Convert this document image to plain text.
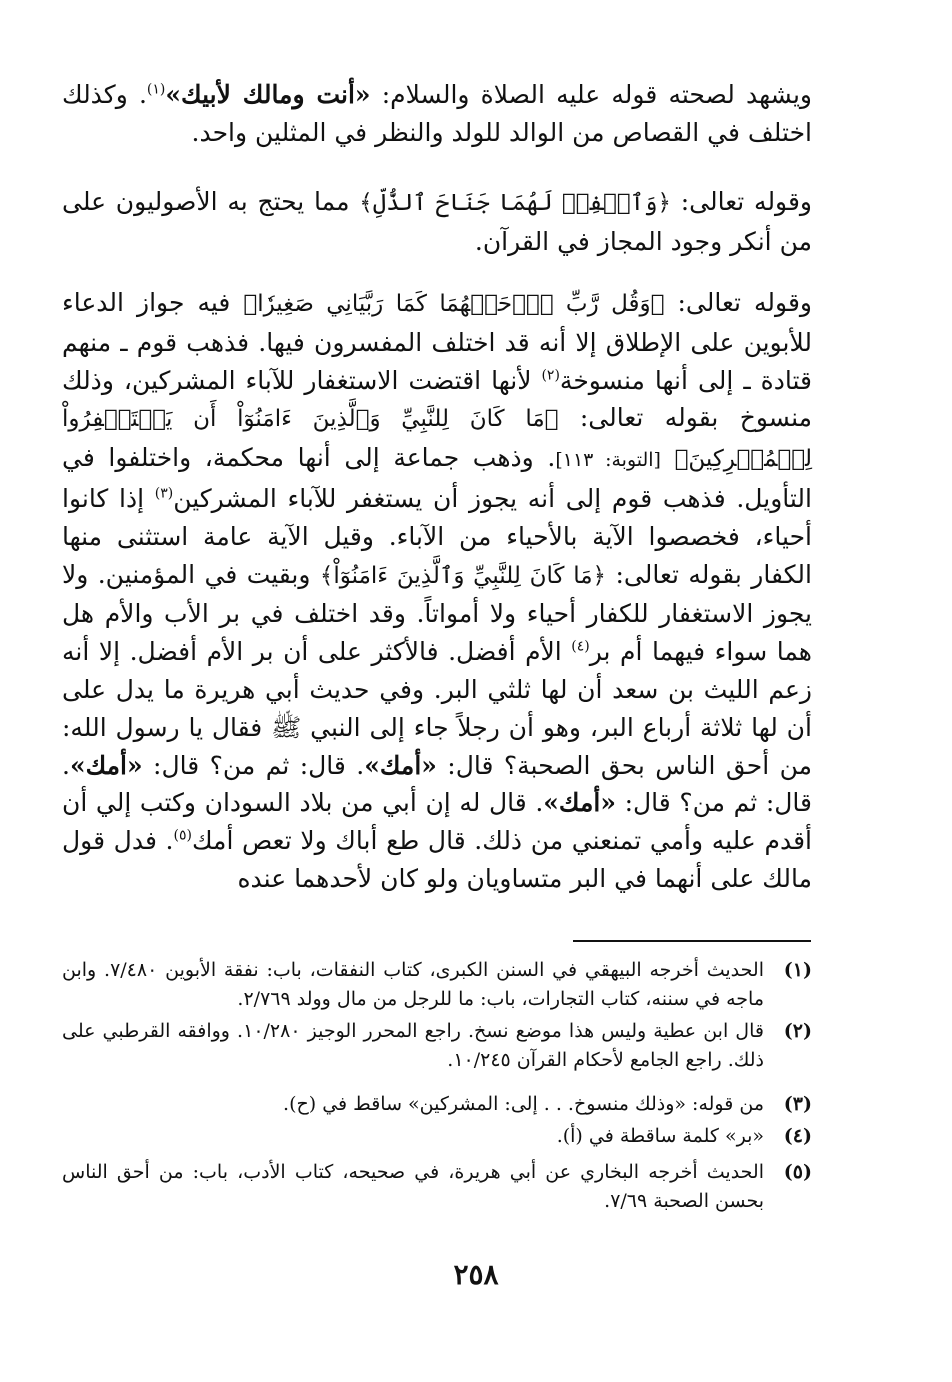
ويشهد لصحته قوله عليه الصلاة والسلام: «أنت ومالك لأبيك»$^{(١)}$. وكذلك اختلف في القصاص من الوالد للولد والنظر في المثلين واحد.

وقوله تعالى: ﴿وَٱخۡفِضۡ لَهُمَا جَنَاحَ ٱلذُّلِّ﴾ مما يحتج به الأصوليون على من أنكر وجود المجاز في القرآن.

وقوله تعالى: ﴿وَقُل رَّبِّ ٱرۡحَمۡهُمَا كَمَا رَبَّيَانِي صَغِيرٗا﴾ فيه جواز الدعاء للأبوين على الإطلاق إلا أنه قد اختلف المفسرون فيها. فذهب قوم ـ منهم قتادة ـ إلى أنها منسوخة$^{(٢)}$ لأنها اقتضت الاستغفار للآباء المشركين، وذلك منسوخ بقوله تعالى: ﴿مَا كَانَ لِلنَّبِيِّ وَٱلَّذِينَ ءَامَنُوٓاْ أَن يَسۡتَغۡفِرُواْ لِلۡمُشۡرِكِينَ﴾ [التوبة: ١١٣]. وذهب جماعة إلى أنها محكمة، واختلفوا في التأويل. فذهب قوم إلى أنه يجوز أن يستغفر للآباء المشركين$^{(٣)}$ إذا كانوا أحياء، فخصصوا الآية بالأحياء من الآباء. وقيل الآية عامة استثنى منها الكفار بقوله تعالى: ﴿مَا كَانَ لِلنَّبِيِّ وَٱلَّذِينَ ءَامَنُوٓاْ﴾ وبقيت في المؤمنين. ولا يجوز الاستغفار للكفار أحياء ولا أمواتاً. وقد اختلف في بر الأب والأم هل هما سواء فيهما أم بر$^{(٤)}$ الأم أفضل. فالأكثر على أن بر الأم أفضل. إلا أنه زعم الليث بن سعد أن لها ثلثي البر. وفي حديث أبي هريرة ما يدل على أن لها ثلاثة أرباع البر، وهو أن رجلاً جاء إلى النبي ﷺ فقال يا رسول الله: من أحق الناس بحق الصحبة؟ قال: «أمك». قال: ثم من؟ قال: «أمك». قال: ثم من؟ قال: «أمك». قال له إن أبي من بلاد السودان وكتب إلي أن أقدم عليه وأمي تمنعني من ذلك. قال طع أباك ولا تعص أمك$^{(٥)}$. فدل قول مالك على أنهما في البر متساويان ولو كان لأحدهما عنده

(١)
الحديث أخرجه البيهقي في السنن الكبرى، كتاب النفقات، باب: نفقة الأبوين ٧/٤٨٠. وابن ماجه في سننه، كتاب التجارات، باب: ما للرجل من مال وولد ٢/٧٦٩.
(٢)
قال ابن عطية وليس هذا موضع نسخ. راجع المحرر الوجيز ١٠/٢٨٠. ووافقه القرطبي على ذلك. راجع الجامع لأحكام القرآن ١٠/٢٤٥.
(٣)
من قوله: «وذلك منسوخ. . . إلى: المشركين» ساقط في (ح).
(٤)
«بر» كلمة ساقطة في (أ).
(٥)
الحديث أخرجه البخاري عن أبي هريرة، في صحيحه، كتاب الأدب، باب: من أحق الناس بحسن الصحبة ٧/٦٩.
٢٥٨
